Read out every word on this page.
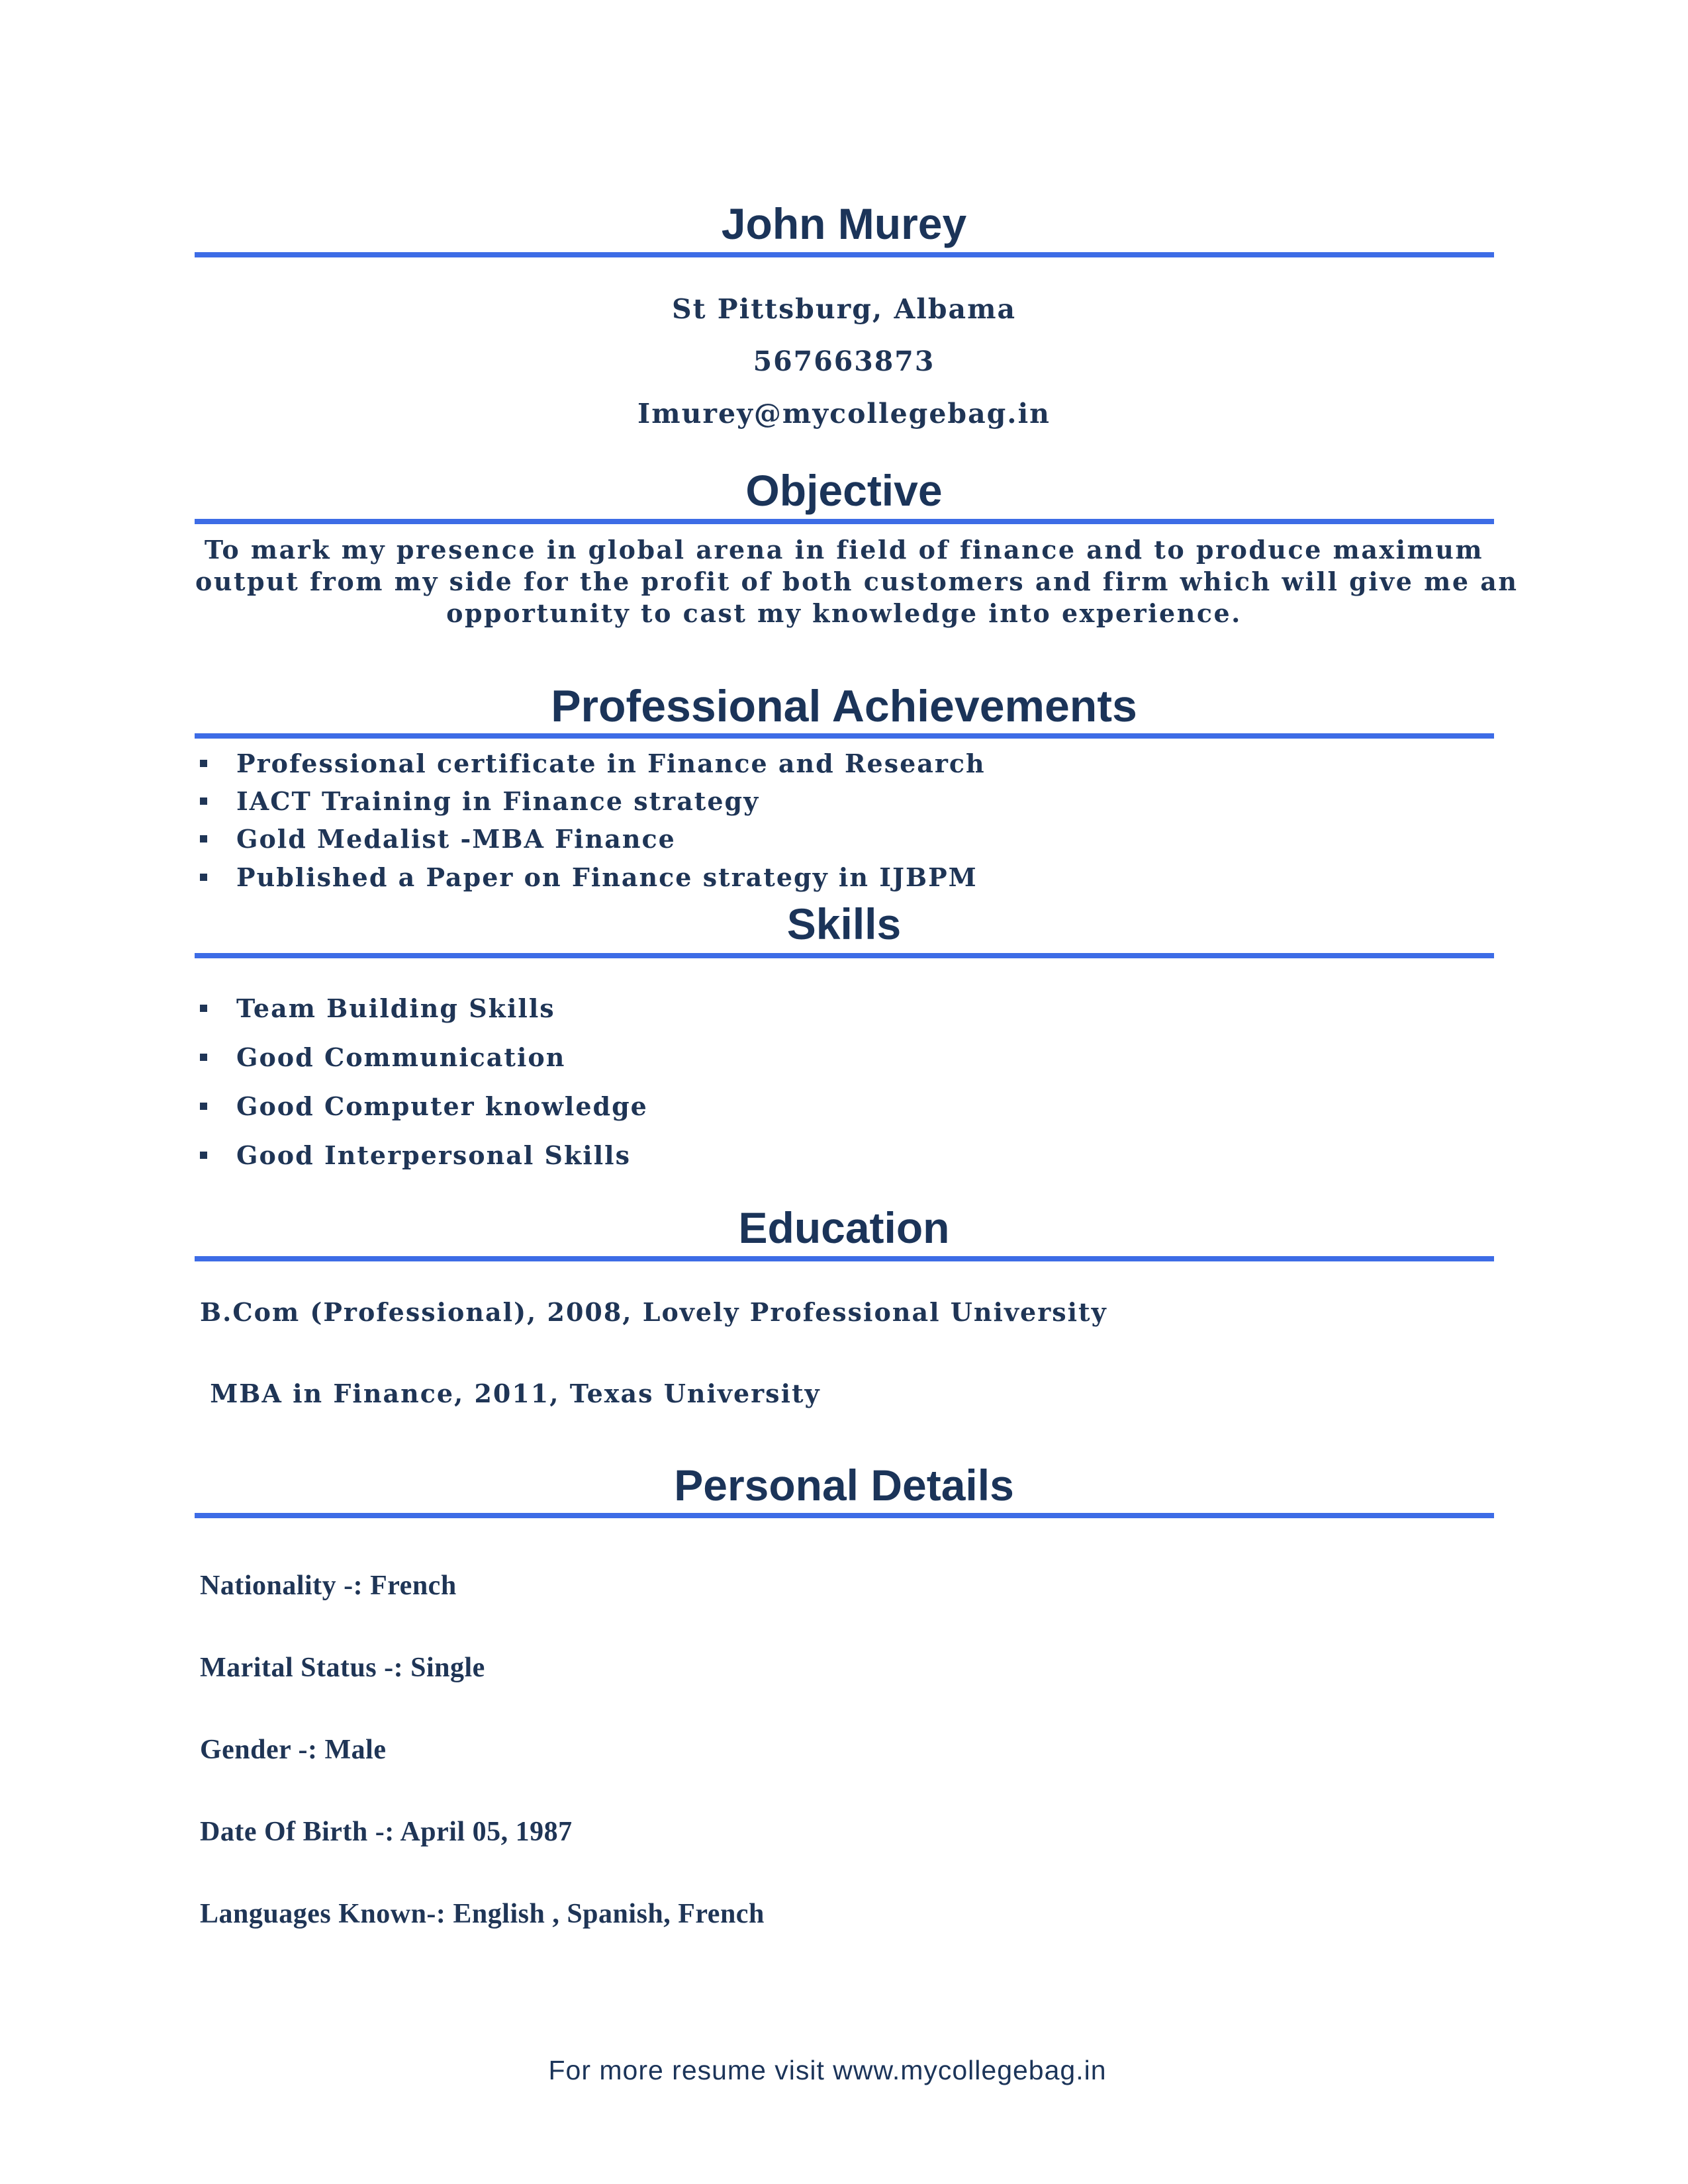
John Murey
St Pittsburg, Albama
567663873
Imurey@mycollegebag.in
Objective
To mark my presence in global arena in field of finance and to produce maximum
output from my side for the profit of both customers and firm which will give me an
opportunity to cast my knowledge into experience.
Professional Achievements
Professional certificate in Finance and Research
IACT Training in Finance strategy
Gold Medalist -MBA Finance
Published a Paper on Finance strategy in IJBPM
Skills
Team Building Skills
Good Communication
Good Computer knowledge
Good Interpersonal Skills
Education
B.Com (Professional), 2008, Lovely Professional University
MBA in Finance, 2011, Texas University
Personal Details
Nationality -: French
Marital Status -: Single
Gender -: Male
Date Of Birth -: April 05, 1987
Languages Known-: English , Spanish, French
For more resume visit www.mycollegebag.in
